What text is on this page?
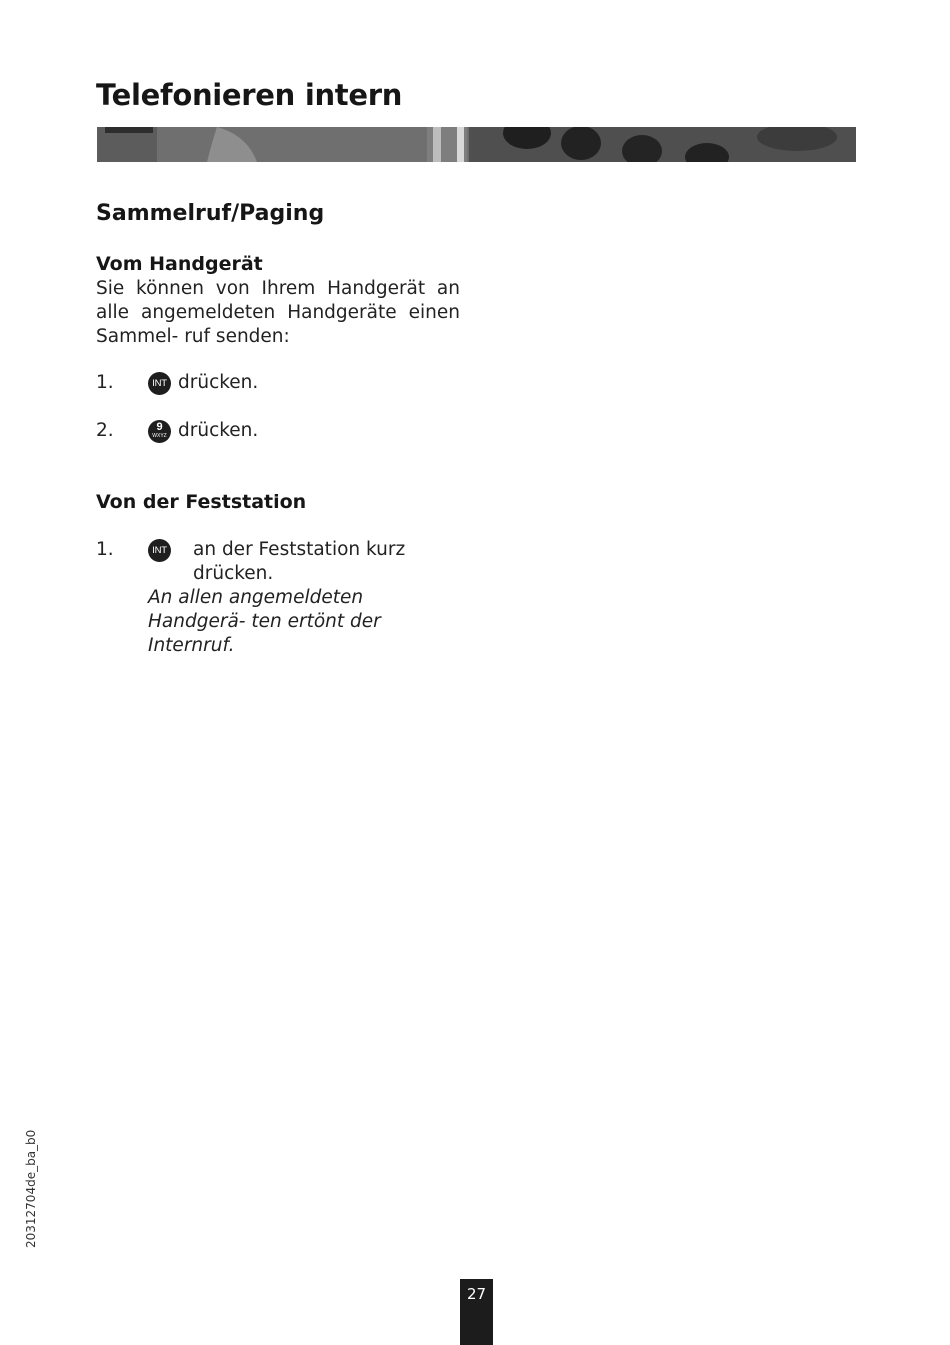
Telefonieren intern
Sammelruf/Paging
Vom Handgerät
Sie können von Ihrem Handgerät an alle angemeldeten Handgeräte einen Sammel- ruf senden:
1.	INT drücken.
2.	9
WXYZ drücken.
Von der Feststation
1.	INT an der Feststation kurz
drücken.
An allen angemeldeten Handgerä- ten ertönt der Internruf.
20312704de_ba_b0
27
